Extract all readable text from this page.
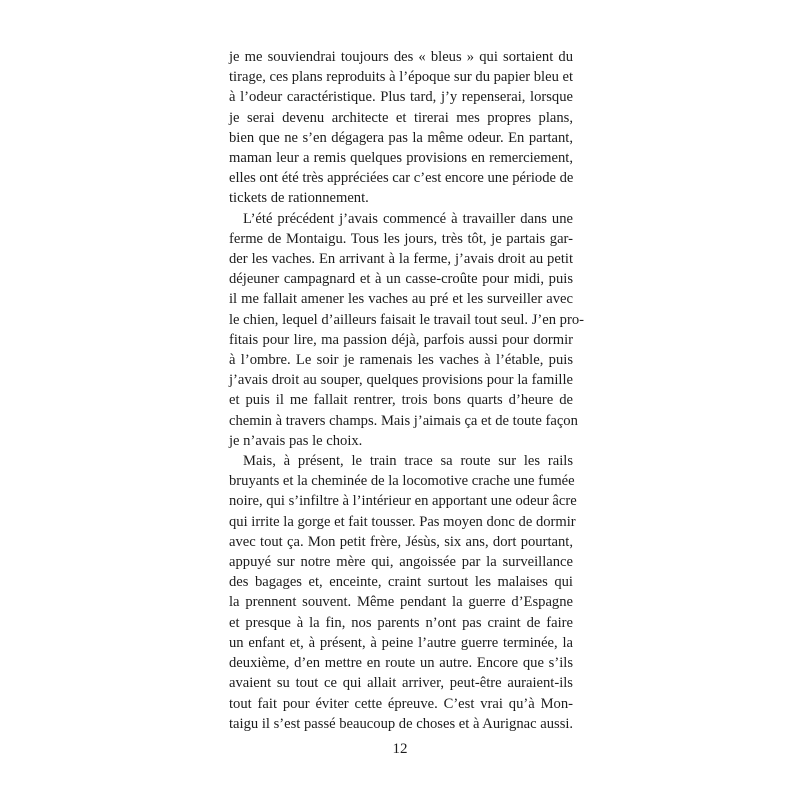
je me souviendrai toujours des « bleus » qui sortaient du
tirage, ces plans reproduits à l’époque sur du papier bleu et
à l’odeur caractéristique. Plus tard, j’y repenserai, lorsque
je serai devenu architecte et tirerai mes propres plans,
bien que ne s’en dégagera pas la même odeur. En partant,
maman leur a remis quelques provisions en remerciement,
elles ont été très appréciées car c’est encore une période de
tickets de rationnement.
L’été précédent j’avais commencé à travailler dans une
ferme de Montaigu. Tous les jours, très tôt, je partais gar-
der les vaches. En arrivant à la ferme, j’avais droit au petit
déjeuner campagnard et à un casse-croûte pour midi, puis
il me fallait amener les vaches au pré et les surveiller avec
le chien, lequel d’ailleurs faisait le travail tout seul. J’en pro-
fitais pour lire, ma passion déjà, parfois aussi pour dormir
à l’ombre. Le soir je ramenais les vaches à l’étable, puis
j’avais droit au souper, quelques provisions pour la famille
et puis il me fallait rentrer, trois bons quarts d’heure de
chemin à travers champs. Mais j’aimais ça et de toute façon
je n’avais pas le choix.
Mais, à présent, le train trace sa route sur les rails
bruyants et la cheminée de la locomotive crache une fumée
noire, qui s’infiltre à l’intérieur en apportant une odeur âcre
qui irrite la gorge et fait tousser. Pas moyen donc de dormir
avec tout ça. Mon petit frère, Jésùs, six ans, dort pourtant,
appuyé sur notre mère qui, angoissée par la surveillance
des bagages et, enceinte, craint surtout les malaises qui
la prennent souvent. Même pendant la guerre d’Espagne
et presque à la fin, nos parents n’ont pas craint de faire
un enfant et, à présent, à peine l’autre guerre terminée, la
deuxième, d’en mettre en route un autre. Encore que s’ils
avaient su tout ce qui allait arriver, peut-être auraient-ils
tout fait pour éviter cette épreuve. C’est vrai qu’à Mon-
taigu il s’est passé beaucoup de choses et à Aurignac aussi.
12
